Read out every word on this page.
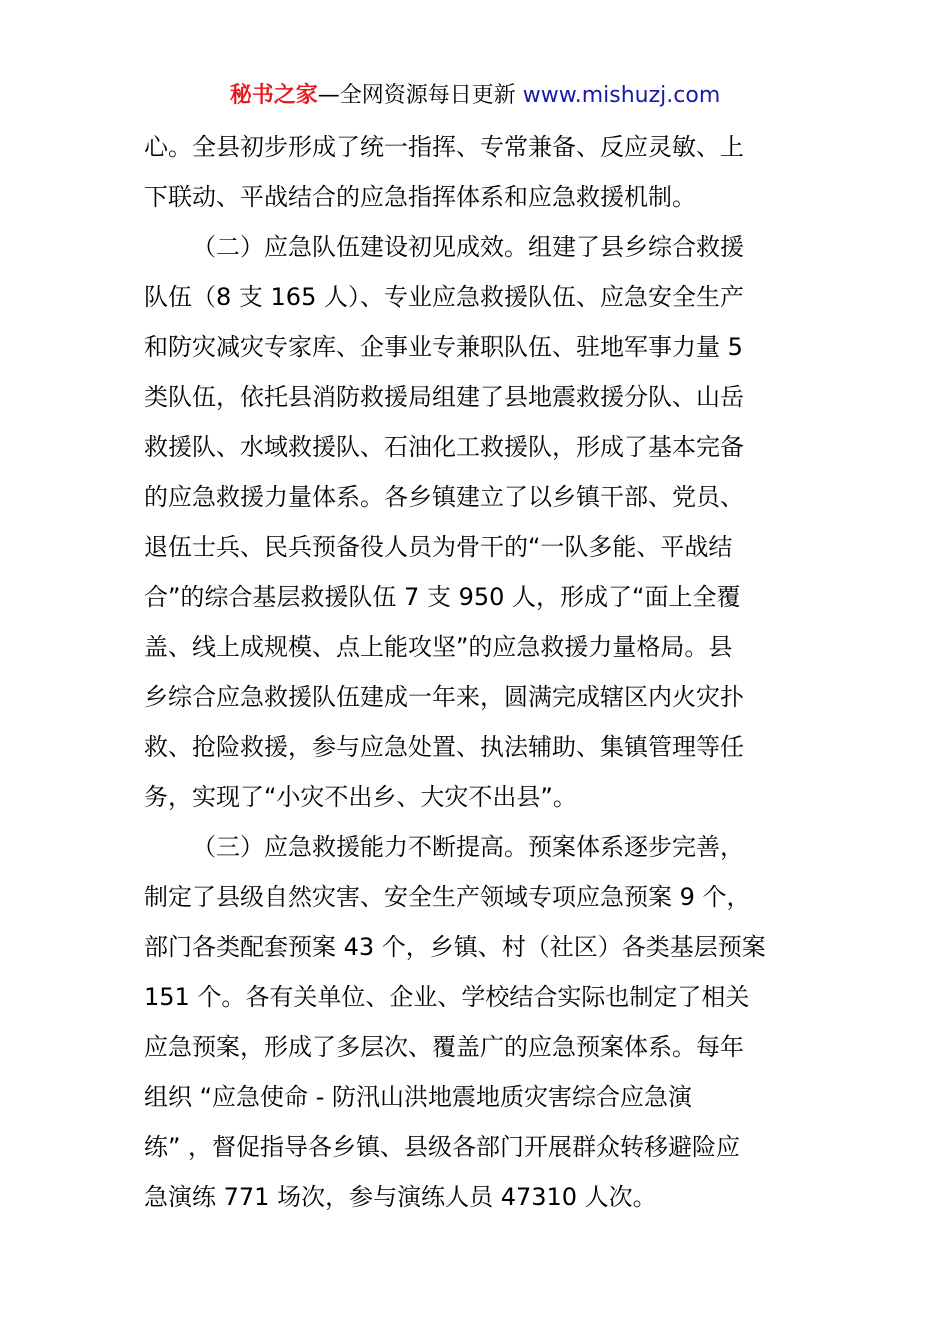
秘书之家—全网资源每日更新 www.mishuzj.com
心。全县初步形成了统一指挥、专常兼备、反应灵敏、上
下联动、平战结合的应急指挥体系和应急救援机制。
（二）应急队伍建设初见成效。组建了县乡综合救援
队伍（8 支 165 人）、专业应急救援队伍、应急安全生产
和防灾减灾专家库、企事业专兼职队伍、驻地军事力量 5
类队伍，依托县消防救援局组建了县地震救援分队、山岳
救援队、水域救援队、石油化工救援队，形成了基本完备
的应急救援力量体系。各乡镇建立了以乡镇干部、党员、
退伍士兵、民兵预备役人员为骨干的“一队多能、平战结
合”的综合基层救援队伍 7 支 950 人，形成了“面上全覆
盖、线上成规模、点上能攻坚”的应急救援力量格局。县
乡综合应急救援队伍建成一年来，圆满完成辖区内火灾扑
救、抢险救援，参与应急处置、执法辅助、集镇管理等任
务，实现了“小灾不出乡、大灾不出县”。
（三）应急救援能力不断提高。预案体系逐步完善，
制定了县级自然灾害、安全生产领域专项应急预案 9 个，
部门各类配套预案 43 个，乡镇、村（社区）各类基层预案
151 个。各有关单位、企业、学校结合实际也制定了相关
应急预案，形成了多层次、覆盖广的应急预案体系。每年
组织 “应急使命 - 防汛山洪地震地质灾害综合应急演
练” ，督促指导各乡镇、县级各部门开展群众转移避险应
急演练 771 场次，参与演练人员 47310 人次。
